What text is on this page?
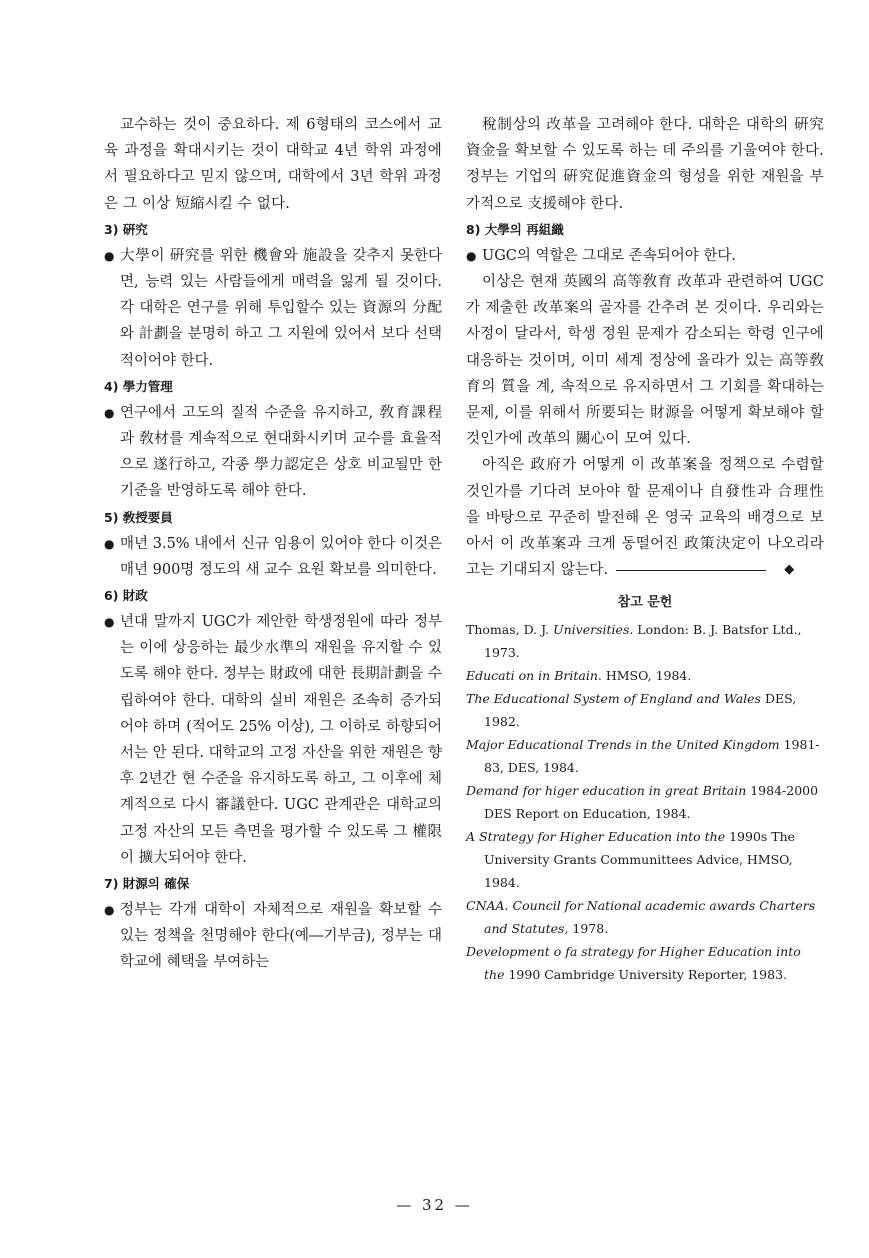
교수하는 것이 중요하다. 제 6형태의 코스에서 교육 과정을 확대시키는 것이 대학교 4년 학위 과정에서 필요하다고 믿지 않으며, 대학에서 3년 학위 과정은 그 이상 短縮시킬 수 없다.

3) 硏究

● 大學이 硏究를 위한 機會와 施設을 갖추지 못한다면, 능력 있는 사람들에게 매력을 잃게 될 것이다. 각 대학은 연구를 위해 투입할수 있는 資源의 分配와 計劃을 분명히 하고 그 지원에 있어서 보다 선택적이어야 한다.

4) 學力管理

● 연구에서 고도의 질적 수준을 유지하고, 敎育課程과 敎材를 계속적으로 현대화시키며 교수를 효율적으로 遂行하고, 각종 學力認定은 상호 비교될만 한 기준을 반영하도록 해야 한다.

5) 敎授要員

● 매년 3.5% 내에서 신규 임용이 있어야 한다 이것은 매년 900명 정도의 새 교수 요원 확보를 의미한다.

6) 財政

● 년대 말까지 UGC가 제안한 학생정원에 따라 정부는 이에 상응하는 最少水準의 재원을 유지할 수 있도록 해야 한다. 정부는 財政에 대한 長期計劃을 수립하여야 한다. 대학의 실비 재원은 조속히 증가되어야 하며 (적어도 25% 이상), 그 이하로 하향되어서는 안 된다. 대학교의 고정 자산을 위한 재원은 향후 2년간 현 수준을 유지하도록 하고, 그 이후에 체계적으로 다시 審議한다. UGC 관계관은 대학교의 고정 자산의 모든 측면을 평가할 수 있도록 그 權限이 擴大되어야 한다.

7) 財源의 確保

● 정부는 각개 대학이 자체적으로 재원을 확보할 수 있는 정책을 천명해야 한다(예―기부금), 정부는 대학교에 혜택을 부여하는

稅制상의 改革을 고려해야 한다. 대학은 대학의 硏究資金을 확보할 수 있도록 하는 데 주의를 기울여야 한다. 정부는 기업의 硏究促進資金의 형성을 위한 재원을 부가적으로 支援해야 한다.

8) 大學의 再組織

● UGC의 역할은 그대로 존속되어야 한다.

이상은 현재 英國의 高等敎育 改革과 관련하여 UGC가 제출한 改革案의 골자를 간추려 본 것이다. 우리와는 사정이 달라서, 학생 정원 문제가 감소되는 학령 인구에 대응하는 것이며, 이미 세계 정상에 올라가 있는 高等敎育의 質을 계, 속적으로 유지하면서 그 기회를 확대하는 문제, 이를 위해서 所要되는 財源을 어떻게 확보해야 할 것인가에 改革의 關心이 모여 있다.

아직은 政府가 어떻게 이 改革案을 정책으로 수렴할 것인가를 기다려 보아야 할 문제이나 自發性과 合理性을 바탕으로 꾸준히 발전해 온 영국 교육의 배경으로 보아서 이 改革案과 크게 동떨어진 政策決定이 나오리라고는 기대되지 않는다.	◆

참고 문헌

Thomas, D. J. Universities. London: B. J. Batsfor Ltd., 1973.

Educati on in Britain. HMSO, 1984.

The Educational System of England and Wales DES, 1982.

Major Educational Trends in the United Kingdom 1981-83, DES, 1984.

Demand for higer education in great Britain 1984-2000 DES Report on Education, 1984.

A Strategy for Higher Education into the 1990s The University Grants Communittees Advice, HMSO, 1984.

CNAA. Council for National academic awards Charters and Statutes, 1978.

Development o fa strategy for Higher Education into the 1990 Cambridge University Reporter, 1983.

— 32 —
